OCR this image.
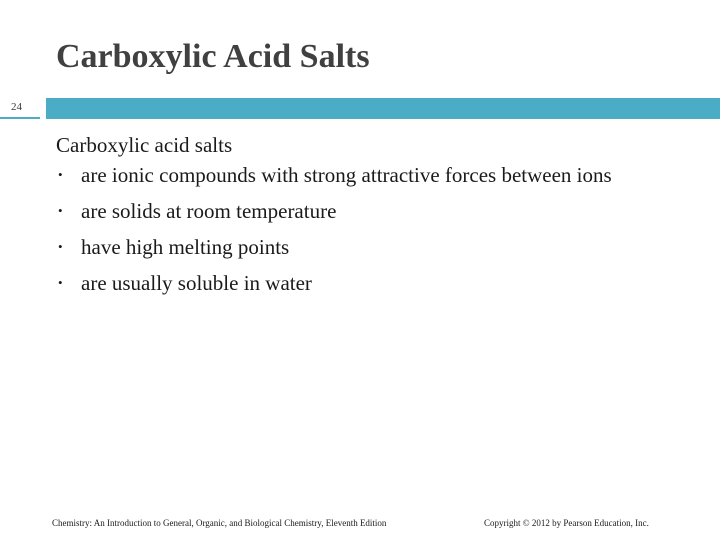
Carboxylic Acid Salts
24
Carboxylic acid salts
• are ionic compounds with strong attractive forces between ions
• are solids at room temperature
• have high melting points
• are usually soluble in water
Chemistry: An Introduction to General, Organic, and Biological Chemistry, Eleventh Edition	Copyright © 2012 by Pearson Education, Inc.
